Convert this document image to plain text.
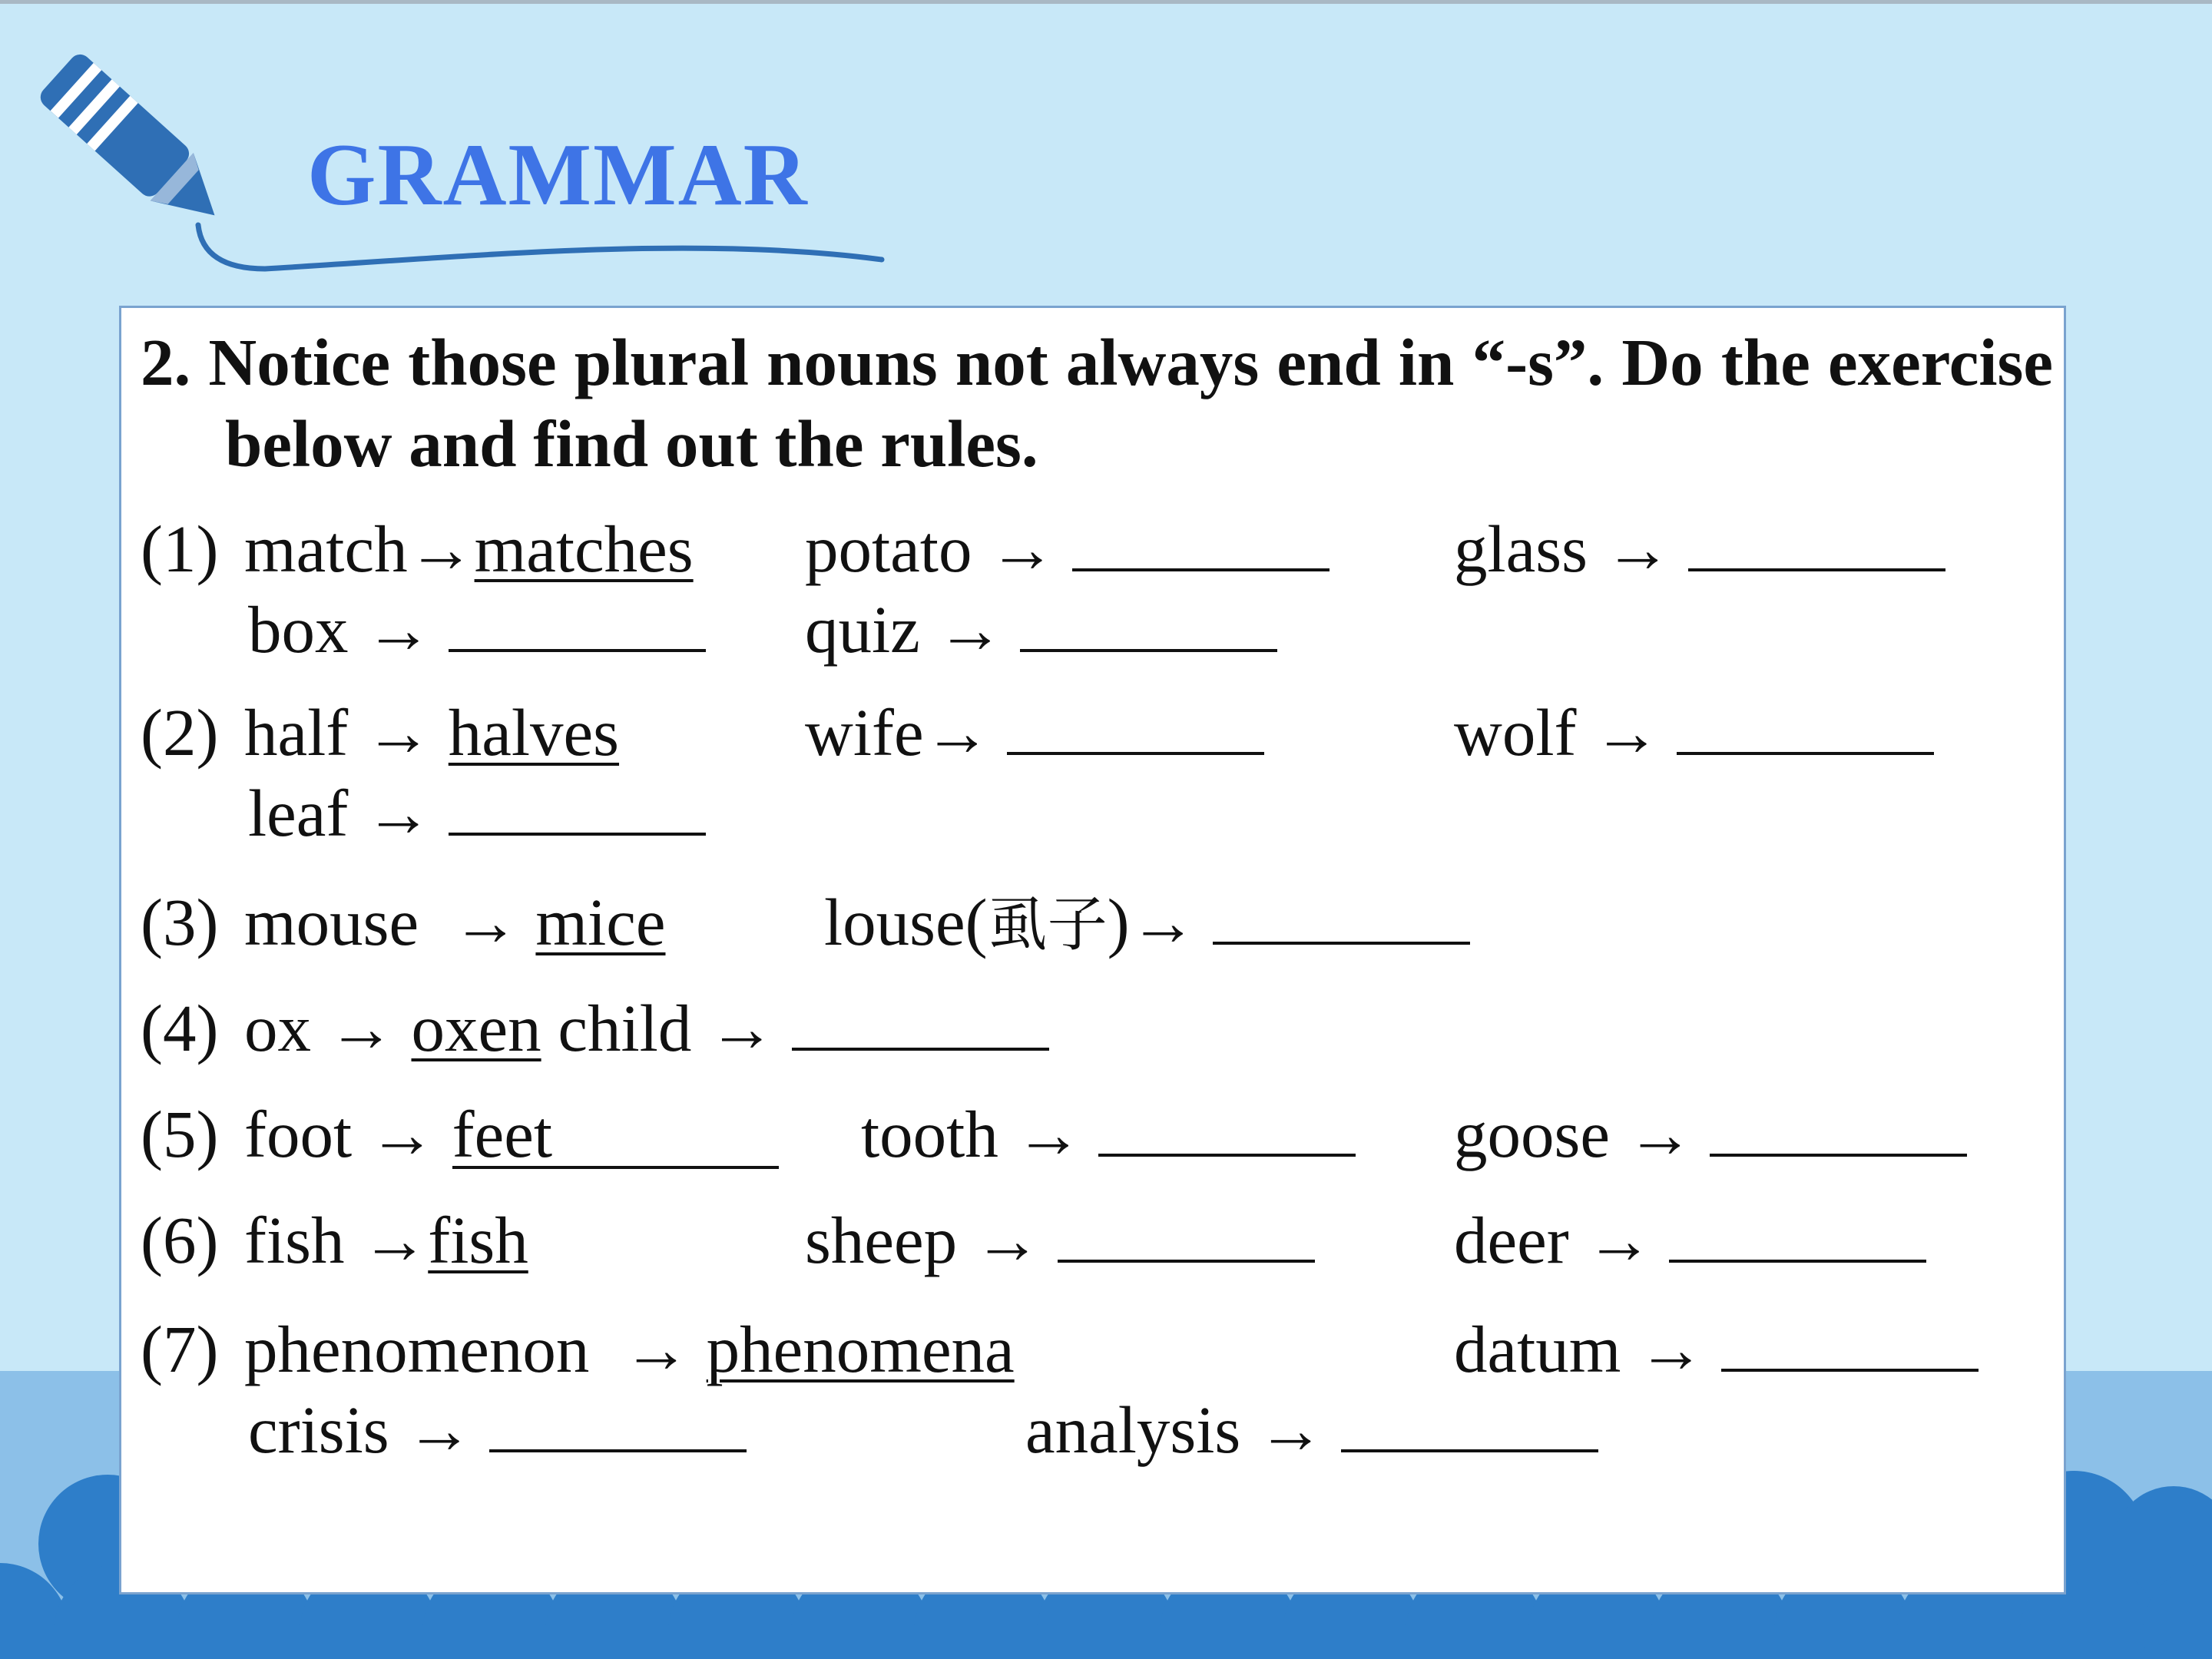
GRAMMAR
2. Notice those plural nouns not always end in “-s”. Do the exercise below and find out the rules.
(1) match→matches potato →	glass →
box →	quiz →
(2) half → halves	wife→	wolf →
leaf →
(3) mouse  → mice louse(虱子)→
(4) ox → oxen child →
(5) foot → feet	tooth →	goose →
(6) fish →fish	sheep →	deer →
(7) phenomenon  → phenomena	datum →
crisis →	analysis →
